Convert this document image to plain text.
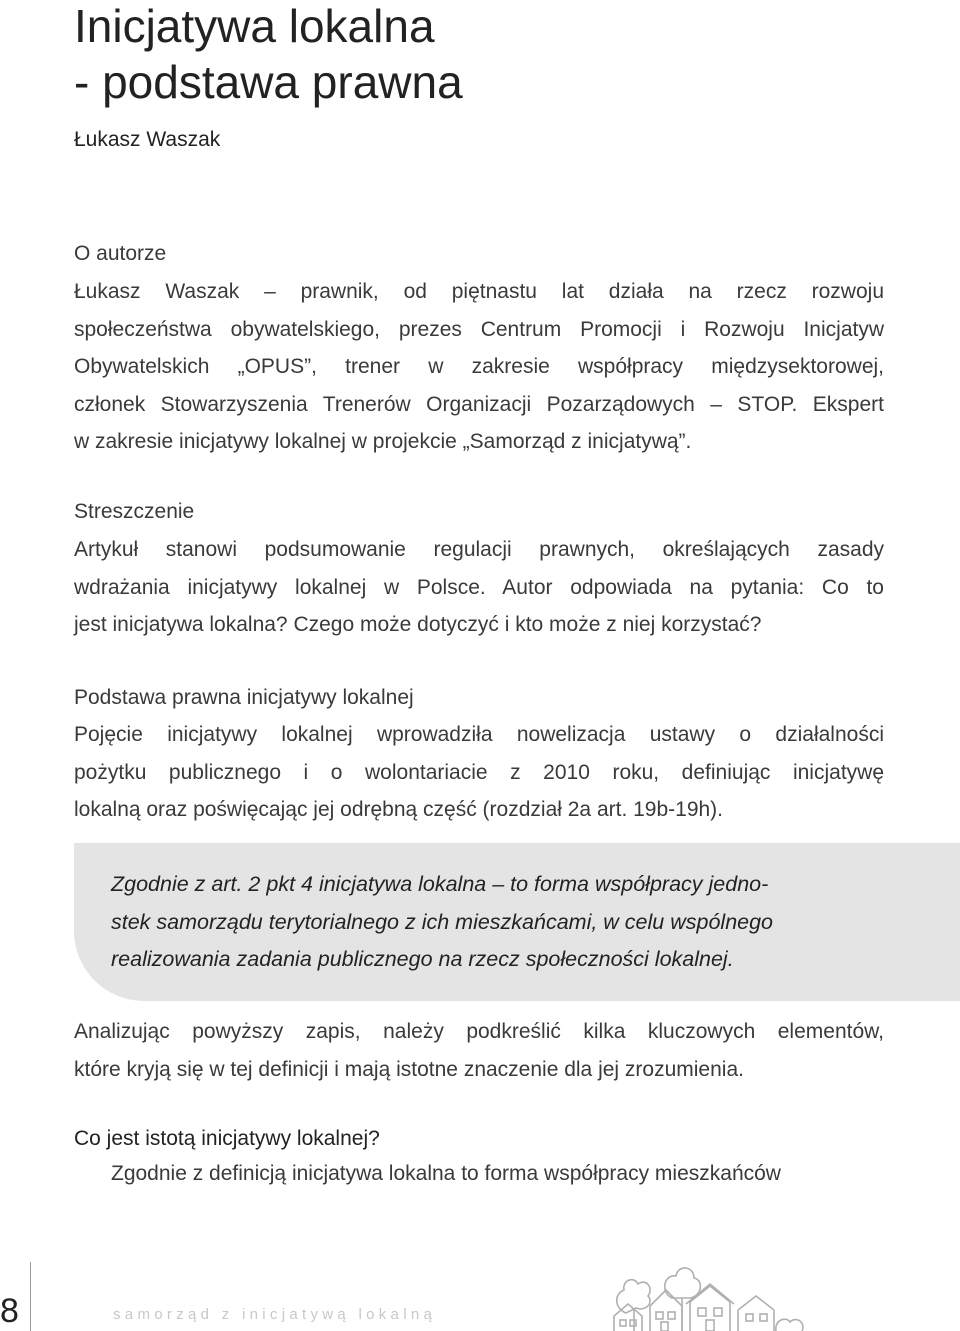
Inicjatywa lokalna
- podstawa prawna
Łukasz Waszak
O autorze
Łukasz Waszak – prawnik, od piętnastu lat działa na rzecz rozwoju
społeczeństwa obywatelskiego, prezes Centrum Promocji i Rozwoju Inicjatyw
Obywatelskich „OPUS”, trener w zakresie współpracy międzysektorowej,
członek Stowarzyszenia Trenerów Organizacji Pozarządowych – STOP. Ekspert
w zakresie inicjatywy lokalnej w projekcie „Samorząd z inicjatywą”.
Streszczenie
Artykuł stanowi podsumowanie regulacji prawnych, określających zasady
wdrażania inicjatywy lokalnej w Polsce. Autor odpowiada na pytania: Co to
jest inicjatywa lokalna? Czego może dotyczyć i kto może z niej korzystać?
Podstawa prawna inicjatywy lokalnej
Pojęcie inicjatywy lokalnej wprowadziła nowelizacja ustawy o działalności
pożytku publicznego i o wolontariacie z 2010 roku, definiując inicjatywę
lokalną oraz poświęcając jej odrębną część (rozdział 2a art. 19b-19h).
Zgodnie z art. 2 pkt 4 inicjatywa lokalna – to forma współpracy jedno-
stek samorządu terytorialnego z ich mieszkańcami, w celu wspólnego
realizowania zadania publicznego na rzecz społeczności lokalnej.
Analizując powyższy zapis, należy podkreślić kilka kluczowych elementów,
które kryją się w tej definicji i mają istotne znaczenie dla jej zrozumienia.
Co jest istotą inicjatywy lokalnej?
Zgodnie z definicją inicjatywa lokalna to forma współpracy mieszkańców
8	samorząd z inicjatywą lokalną
